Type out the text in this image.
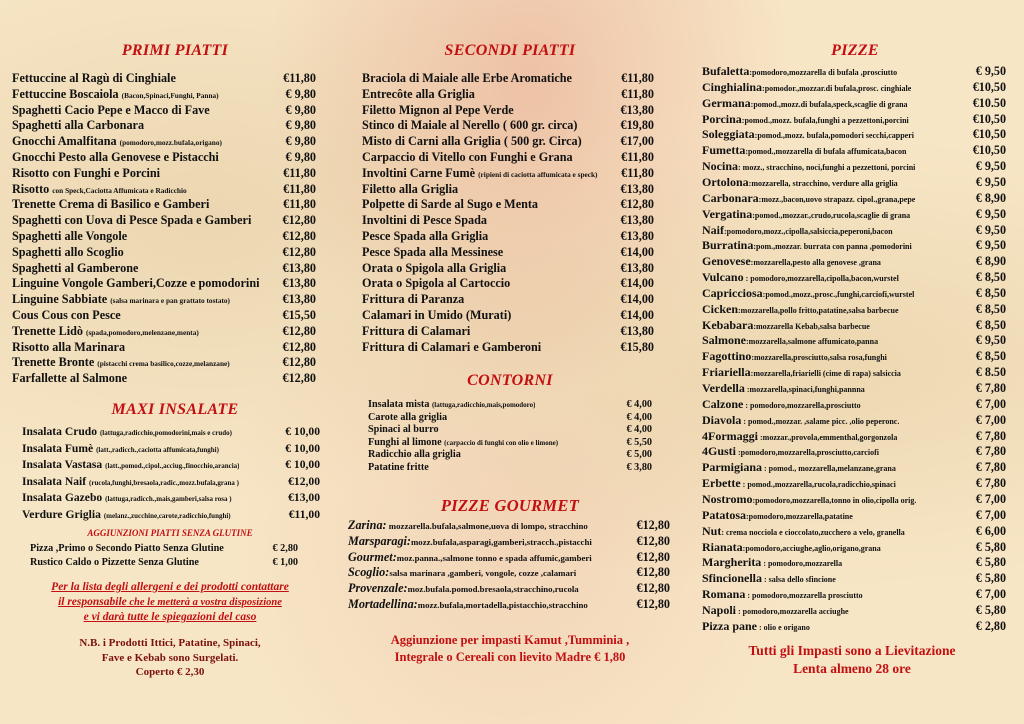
PRIMI PIATTI
Fettuccine al Ragù di Cinghiale	€11,80
Fettuccine Boscaiola (Bacon,Spinaci,Funghi, Panna)	€ 9,80
Spaghetti Cacio Pepe e Macco di Fave	€ 9,80
Spaghetti alla Carbonara	€ 9,80
Gnocchi Amalfitana (pomodoro,mozz.bufala,origano)	€ 9,80
Gnocchi Pesto alla Genovese e Pistacchi	€ 9,80
Risotto con Funghi e Porcini	€11,80
Risotto con Speck,Caciotta Affumicata e Radicchio	€11,80
Trenette Crema di Basilico e Gamberi	€11,80
Spaghetti con Uova di Pesce Spada e Gamberi	€12,80
Spaghetti alle Vongole	€12,80
Spaghetti allo Scoglio	€12,80
Spaghetti al Gamberone	€13,80
Linguine Vongole Gamberi,Cozze e pomodorini €13,80
Linguine Sabbiate (salsa marinara e pan grattato tostato)	€13,80
Cous Cous con Pesce	€15,50
Trenette Lidò (spada,pomodoro,melenzane,menta)	€12,80
Risotto alla Marinara	€12,80
Trenette Bronte (pistacchi crema basilico,cozze,melanzane)	€12,80
Farfallette al Salmone	€12,80
MAXI INSALATE
Insalata Crudo (lattuga,radicchio,pomodorini,mais e crudo)	€ 10,00
Insalata Fumè (latt.,radicch.,caciotta affumicata,funghi)	€ 10,00
Insalata Vastasa (latt.,pomod.,cipol.,acciug.,finocchio,arancia)	€ 10,00
Insalata Naif (rucola,funghi,bresaola,radic.,mozz.bufala,grana )	€12,00
Insalata Gazebo (lattuga,radicch.,mais,gamberi,salsa rosa )	€13,00
Verdure Griglia (melanz.,zucchine,carote,radicchio,funghi)	€11,00
AGGIUNZIONI PIATTI SENZA GLUTINE
Pizza ,Primo o Secondo Piatto Senza Glutine	€ 2,80
Rustico Caldo o Pizzette Senza Glutine	€ 1,00
Per la lista degli allergeni e dei prodotti contattare
il responsabile che le metterà a vostra disposizione
e vi darà tutte le spiegazioni del caso
N.B. i Prodotti Ittici, Patatine, Spinaci,
Fave e Kebab sono Surgelati.
Coperto € 2,30
SECONDI PIATTI
Braciola di Maiale alle Erbe Aromatiche	€11,80
Entrecôte alla Griglia	€11,80
Filetto Mignon al Pepe Verde	€13,80
Stinco di Maiale al Nerello ( 600 gr. circa)	€19,80
Misto di Carni alla Griglia ( 500 gr. Circa)	€17,00
Carpaccio di Vitello con Funghi e Grana	€11,80
Involtini Carne Fumè (ripieni di caciotta affumicata e speck) €11,80
Filetto alla Griglia	€13,80
Polpette di Sarde al Sugo e Menta	€12,80
Involtini di Pesce Spada	€13,80
Pesce Spada alla Griglia	€13,80
Pesce Spada alla Messinese	€14,00
Orata o Spigola alla Griglia	€13,80
Orata o Spigola al Cartoccio	€14,00
Frittura di Paranza	€14,00
Calamari in Umido (Murati)	€14,00
Frittura di Calamari	€13,80
Frittura di Calamari e Gamberoni	€15,80
CONTORNI
Insalata mista (lattuga,radicchio,mais,pomodoro)	€ 4,00
Carote alla griglia	€ 4,00
Spinaci al burro	€ 4,00
Funghi al limone (carpaccio di funghi con olio e limone)	€ 5,50
Radicchio alla griglia	€ 5,00
Patatine fritte	€ 3,80
PIZZE GOURMET
Zarina: mozzarella.bufala,salmone,uova di lompo, stracchino	€12,80
Marsparagi:mozz.bufala,asparagi,gamberi,stracch.,pistacchi	€12,80
Gourmet:moz.panna.,salmone tonno e spada affumic,gamberi	€12,80
Scoglio:salsa marinara ,gamberi, vongole, cozze ,calamari	€12,80
Provenzale:moz.bufala.pomod.bresaola,stracchino,rucola	€12,80
Mortadellina:mozz.bufala,mortadella,pistacchio,stracchino	€12,80
Aggiunzione per impasti Kamut ,Tumminia ,
Integrale o Cereali con lievito Madre € 1,80
PIZZE
Bufaletta:pomodoro,mozzarella di bufala ,prosciutto	€ 9,50
Cinghialina:pomodor.,mozzar.di bufala,prosc. cinghiale	€10,50
Germana:pomod.,mozz.di bufala,speck,scaglie di grana	€10.50
Porcina:pomod.,mozz. bufala,funghi a pezzettoni,porcini	€10,50
Soleggiata:pomod.,mozz. bufala,pomodori secchi,capperi	€10,50
Fumetta:pomod.,mozzarella di bufala affumicata,bacon	€10,50
Nocina: mozz., stracchino, noci,funghi a pezzettoni, porcini	€ 9,50
Ortolona:mozzarella, stracchino, verdure alla griglia	€ 9,50
Carbonara:mozz.,bacon,uovo strapazz. cipol.,grana,pepe	€ 8,90
Vergatina:pomod.,mozzar.,crudo,rucola,scaglie di grana	€ 9,50
Naif:pomodoro,mozz.,cipolla,salsiccia,peperoni,bacon	€ 9,50
Burratina:pom.,mozzar. burrata con panna ,pomodorini	€ 9,50
Genovese:mozzarella,pesto alla genovese ,grana	€ 8,90
Vulcano : pomodoro,mozzarella,cipolla,bacon,wurstel	€ 8,50
Capricciosa:pomod.,mozz.,prosc.,funghi,carciofi,wurstel	€ 8,50
Cicken:mozzarella,pollo fritto,patatine,salsa barbecue	€ 8,50
Kebabara:mozzarella Kebab,salsa barbecue	€ 8,50
Salmone:mozzarella,salmone affumicato,panna	€ 9,50
Fagottino:mozzarella,prosciutto,salsa rosa,funghi	€ 8,50
Friariella:mozzarella,friarielli (cime di rapa) salsiccia	€ 8.50
Verdella :mozzarella,spinaci,funghi,pannna	€ 7,80
Calzone : pomodoro,mozzarella,prosciutto	€ 7,00
Diavola : pomod.,mozzar. ,salame picc. ,olio peperonc.	€ 7,00
4Formaggi :mozzar.,provola,emmenthal,gorgonzola	€ 7,80
4Gusti :pomodoro,mozzarella,prosciutto,carciofi	€ 7,80
Parmigiana : pomod., mozzarella,melanzane,grana	€ 7,80
Erbette : pomod.,mozzarella,rucola,radicchio,spinaci	€ 7,80
Nostromo:pomodoro,mozzarella,tonno in olio,cipolla orig.	€ 7,00
Patatosa:pomodoro,mozzarella,patatine	€ 7,00
Nut: crema nocciola e cioccolato,zucchero a velo, granella	€ 6,00
Rianata:pomodoro,acciughe,aglio,origano,grana	€ 5,80
Margherita : pomodoro,mozzarella	€ 5,80
Sfincionella : salsa dello sfincione	€ 5,80
Romana : pomodoro,mozzarella prosciutto	€ 7,00
Napoli : pomodoro,mozzarella acciughe	€ 5,80
Pizza pane : olio e origano	€ 2,80
Tutti gli Impasti sono a Lievitazione
Lenta almeno 28 ore
